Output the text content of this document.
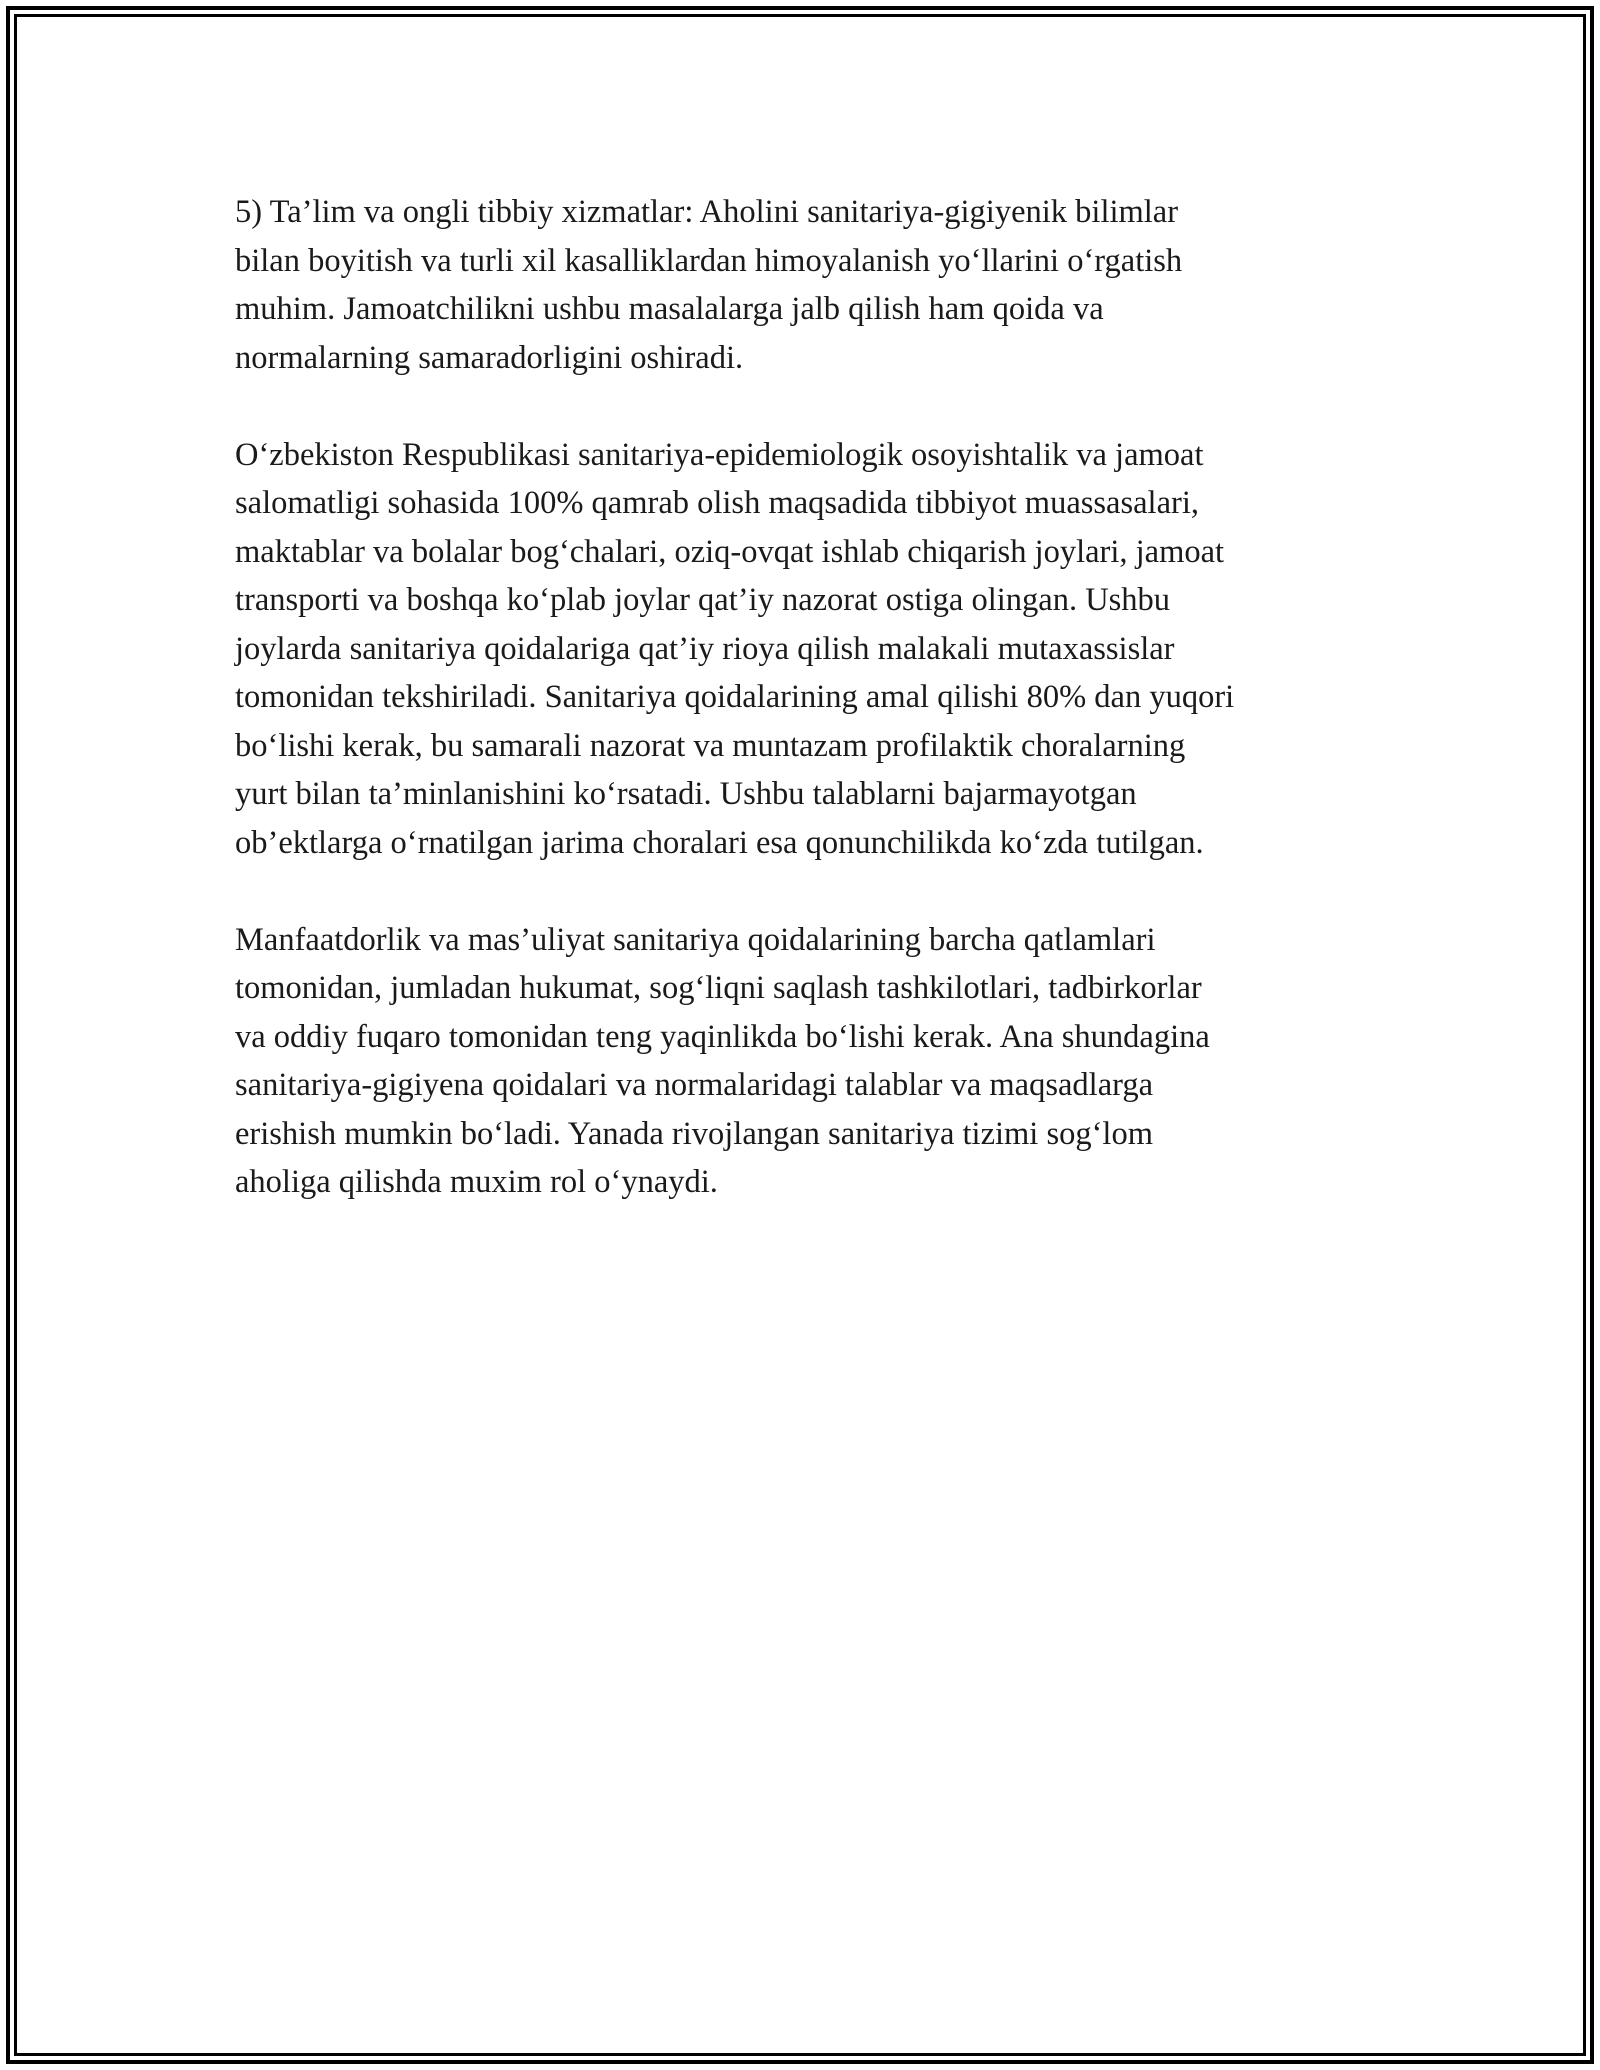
5) Ta’lim va ongli tibbiy xizmatlar: Aholini sanitariya-gigiyenik bilimlar
bilan boyitish va turli xil kasalliklardan himoyalanish yo‘llarini o‘rgatish
muhim. Jamoatchilikni ushbu masalalarga jalb qilish ham qoida va
normalarning samaradorligini oshiradi.

O‘zbekiston Respublikasi sanitariya-epidemiologik osoyishtalik va jamoat
salomatligi sohasida 100% qamrab olish maqsadida tibbiyot muassasalari,
maktablar va bolalar bog‘chalari, oziq-ovqat ishlab chiqarish joylari, jamoat
transporti va boshqa ko‘plab joylar qat’iy nazorat ostiga olingan. Ushbu
joylarda sanitariya qoidalariga qat’iy rioya qilish malakali mutaxassislar
tomonidan tekshiriladi. Sanitariya qoidalarining amal qilishi 80% dan yuqori
bo‘lishi kerak, bu samarali nazorat va muntazam profilaktik choralarning
yurt bilan ta’minlanishini ko‘rsatadi. Ushbu talablarni bajarmayotgan
ob’ektlarga o‘rnatilgan jarima choralari esa qonunchilikda ko‘zda tutilgan.

Manfaatdorlik va mas’uliyat sanitariya qoidalarining barcha qatlamlari
tomonidan, jumladan hukumat, sog‘liqni saqlash tashkilotlari, tadbirkorlar
va oddiy fuqaro tomonidan teng yaqinlikda bo‘lishi kerak. Ana shundagina
sanitariya-gigiyena qoidalari va normalaridagi talablar va maqsadlarga
erishish mumkin bo‘ladi. Yanada rivojlangan sanitariya tizimi sog‘lom
aholiga qilishda muxim rol o‘ynaydi.
